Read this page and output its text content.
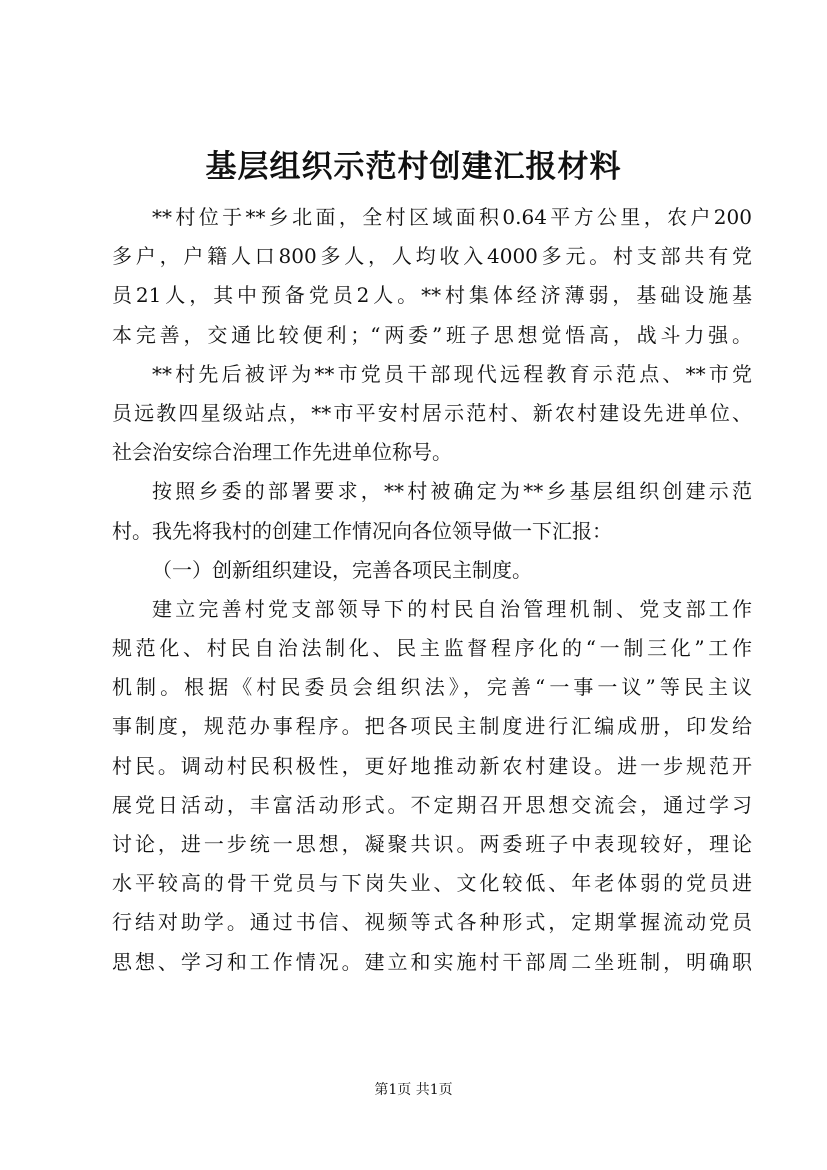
基层组织示范村创建汇报材料
**村位于**乡北面，全村区域面积0.64平方公里，农户200
多户，户籍人口800多人，人均收入4000多元。村支部共有党
员21人，其中预备党员2人。**村集体经济薄弱，基础设施基
本完善，交通比较便利；“两委”班子思想觉悟高，战斗力强。
**村先后被评为**市党员干部现代远程教育示范点、**市党
员远教四星级站点，**市平安村居示范村、新农村建设先进单位、
社会治安综合治理工作先进单位称号。
按照乡委的部署要求，**村被确定为**乡基层组织创建示范
村。我先将我村的创建工作情况向各位领导做一下汇报：
（一）创新组织建设，完善各项民主制度。
建立完善村党支部领导下的村民自治管理机制、党支部工作
规范化、村民自治法制化、民主监督程序化的“一制三化”工作
机制。根据《村民委员会组织法》，完善“一事一议”等民主议
事制度，规范办事程序。把各项民主制度进行汇编成册，印发给
村民。调动村民积极性，更好地推动新农村建设。进一步规范开
展党日活动，丰富活动形式。不定期召开思想交流会，通过学习
讨论，进一步统一思想，凝聚共识。两委班子中表现较好，理论
水平较高的骨干党员与下岗失业、文化较低、年老体弱的党员进
行结对助学。通过书信、视频等式各种形式，定期掌握流动党员
思想、学习和工作情况。建立和实施村干部周二坐班制，明确职
第1页 共1页
